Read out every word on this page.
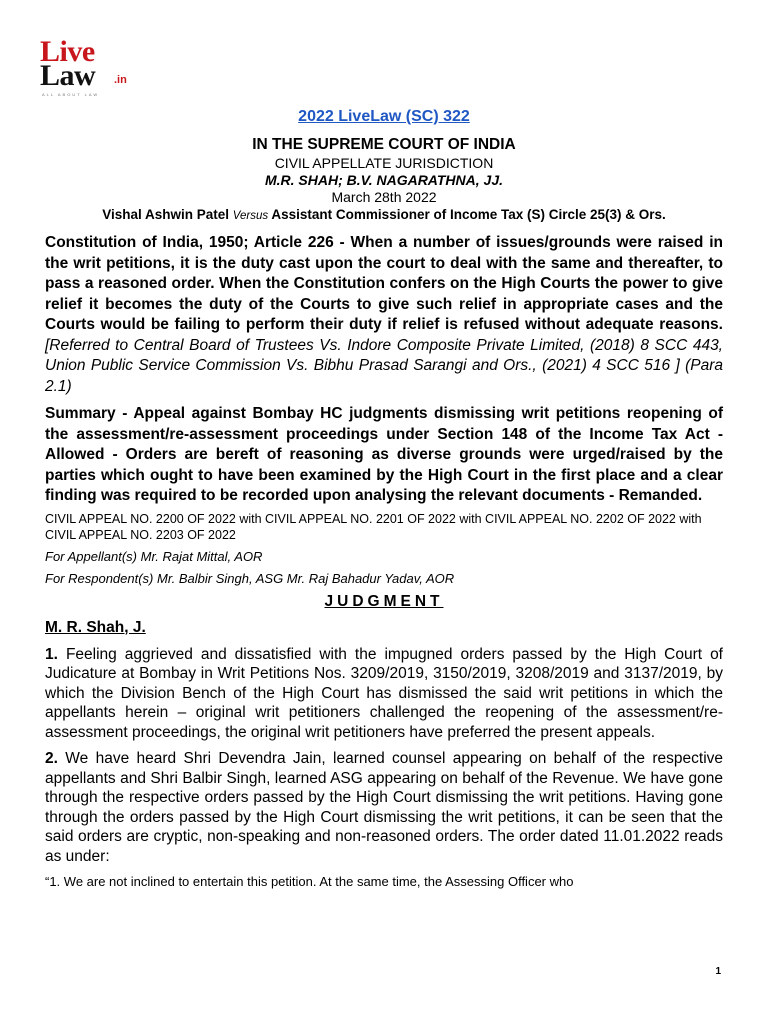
Live
Law .in
ALL ABOUT LAW

2022 LiveLaw (SC) 322

IN THE SUPREME COURT OF INDIA

CIVIL APPELLATE JURISDICTION

M.R. SHAH; B.V. NAGARATHNA, JJ.

March 28th 2022

Vishal Ashwin Patel Versus Assistant Commissioner of Income Tax (S) Circle 25(3) & Ors.

Constitution of India, 1950; Article 226 - When a number of issues/grounds were raised in the writ petitions, it is the duty cast upon the court to deal with the same and thereafter, to pass a reasoned order. When the Constitution confers on the High Courts the power to give relief it becomes the duty of the Courts to give such relief in appropriate cases and the Courts would be failing to perform their duty if relief is refused without adequate reasons. [Referred to Central Board of Trustees Vs. Indore Composite Private Limited, (2018) 8 SCC 443, Union Public Service Commission Vs. Bibhu Prasad Sarangi and Ors., (2021) 4 SCC 516 ] (Para 2.1)

Summary - Appeal against Bombay HC judgments dismissing writ petitions reopening of the assessment/re-assessment proceedings under Section 148 of the Income Tax Act - Allowed - Orders are bereft of reasoning as diverse grounds were urged/raised by the parties which ought to have been examined by the High Court in the first place and a clear finding was required to be recorded upon analysing the relevant documents - Remanded.

CIVIL APPEAL NO. 2200 OF 2022 with CIVIL APPEAL NO. 2201 OF 2022 with CIVIL APPEAL NO. 2202 OF 2022 with CIVIL APPEAL NO. 2203 OF 2022

For Appellant(s) Mr. Rajat Mittal, AOR

For Respondent(s) Mr. Balbir Singh, ASG Mr. Raj Bahadur Yadav, AOR

JUDGMENT

M. R. Shah, J.

1. Feeling aggrieved and dissatisfied with the impugned orders passed by the High Court of Judicature at Bombay in Writ Petitions Nos. 3209/2019, 3150/2019, 3208/2019 and 3137/2019, by which the Division Bench of the High Court has dismissed the said writ petitions in which the appellants herein – original writ petitioners challenged the reopening of the assessment/re-assessment proceedings, the original writ petitioners have preferred the present appeals.

2. We have heard Shri Devendra Jain, learned counsel appearing on behalf of the respective appellants and Shri Balbir Singh, learned ASG appearing on behalf of the Revenue. We have gone through the respective orders passed by the High Court dismissing the writ petitions. Having gone through the orders passed by the High Court dismissing the writ petitions, it can be seen that the said orders are cryptic, non-speaking and non-reasoned orders. The order dated 11.01.2022 reads as under:

“1. We are not inclined to entertain this petition. At the same time, the Assessing Officer who

1
